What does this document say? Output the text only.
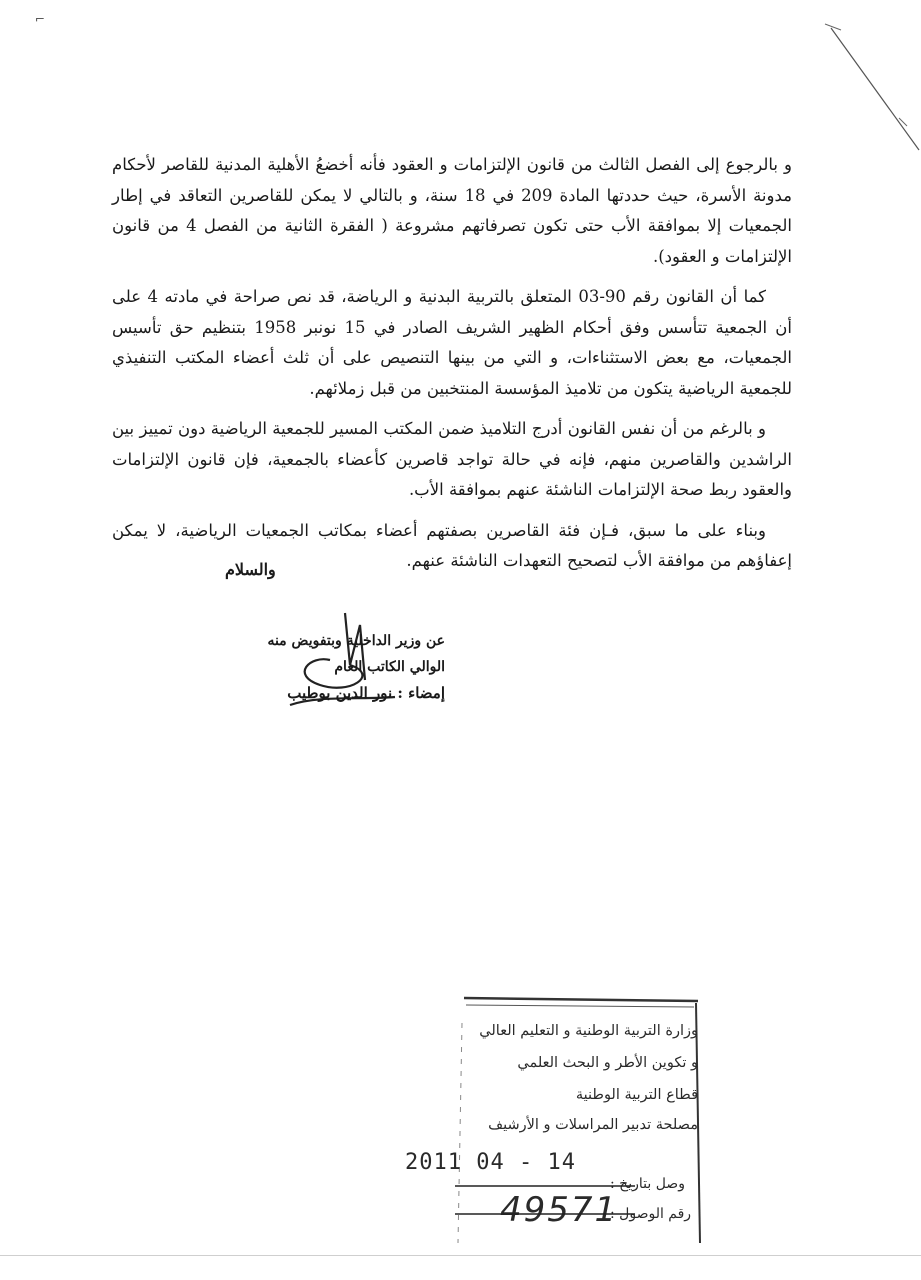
⌐

و بالرجوع إلى الفصل الثالث من قانون الإلتزامات و العقود فأنه أخضعُ الأهلية المدنية للقاصر لأحكام مدونة الأسرة، حيث حددتها المادة 209 في 18 سنة، و بالتالي لا يمكن للقاصرين التعاقد في إطار الجمعيات إلا بموافقة الأب حتى تكون تصرفاتهم مشروعة ( الفقرة الثانية من الفصل 4 من قانون الإلتزامات و العقود).

كما أن القانون رقم 90-03 المتعلق بالتربية البدنية و الرياضة، قد نص صراحة في مادته 4 على أن الجمعية تتأسس وفق أحكام الظهير الشريف الصادر في 15 نونبر 1958 بتنظيم حق تأسيس الجمعيات، مع بعض الاستثناءات، و التي من بينها التنصيص على أن ثلث أعضاء المكتب التنفيذي للجمعية الرياضية يتكون من تلاميذ المؤسسة المنتخبين من قبل زملائهم.

و بالرغم من أن نفس القانون أدرج التلاميذ ضمن المكتب المسير للجمعية الرياضية دون تمييز بين الراشدين والقاصرين منهم، فإنه في حالة تواجد قاصرين كأعضاء بالجمعية، فإن قانون الإلتزامات والعقود ربط صحة الإلتزامات الناشئة عنهم بموافقة الأب.

وبناء على ما سبق، فـإن فئة القاصرين بصفتهم أعضاء بمكاتب الجمعيات الرياضية، لا يمكن إعفاؤهم من موافقة الأب لتصحيح التعهدات الناشئة عنهم.

والسلام
عن وزير الداخلية وبتفويض منه
الوالي الكاتب العام
إمضاء : نور الدين بوطيب
وزارة التربية الوطنية و التعليم العالي
و تكوين الأطر و البحث العلمي
قطاع التربية الوطنية
مصلحة تدبير المراسلات و الأرشيف
وصل بتاريخ :
رقم الوصول :
2011 04 - 14
49571
